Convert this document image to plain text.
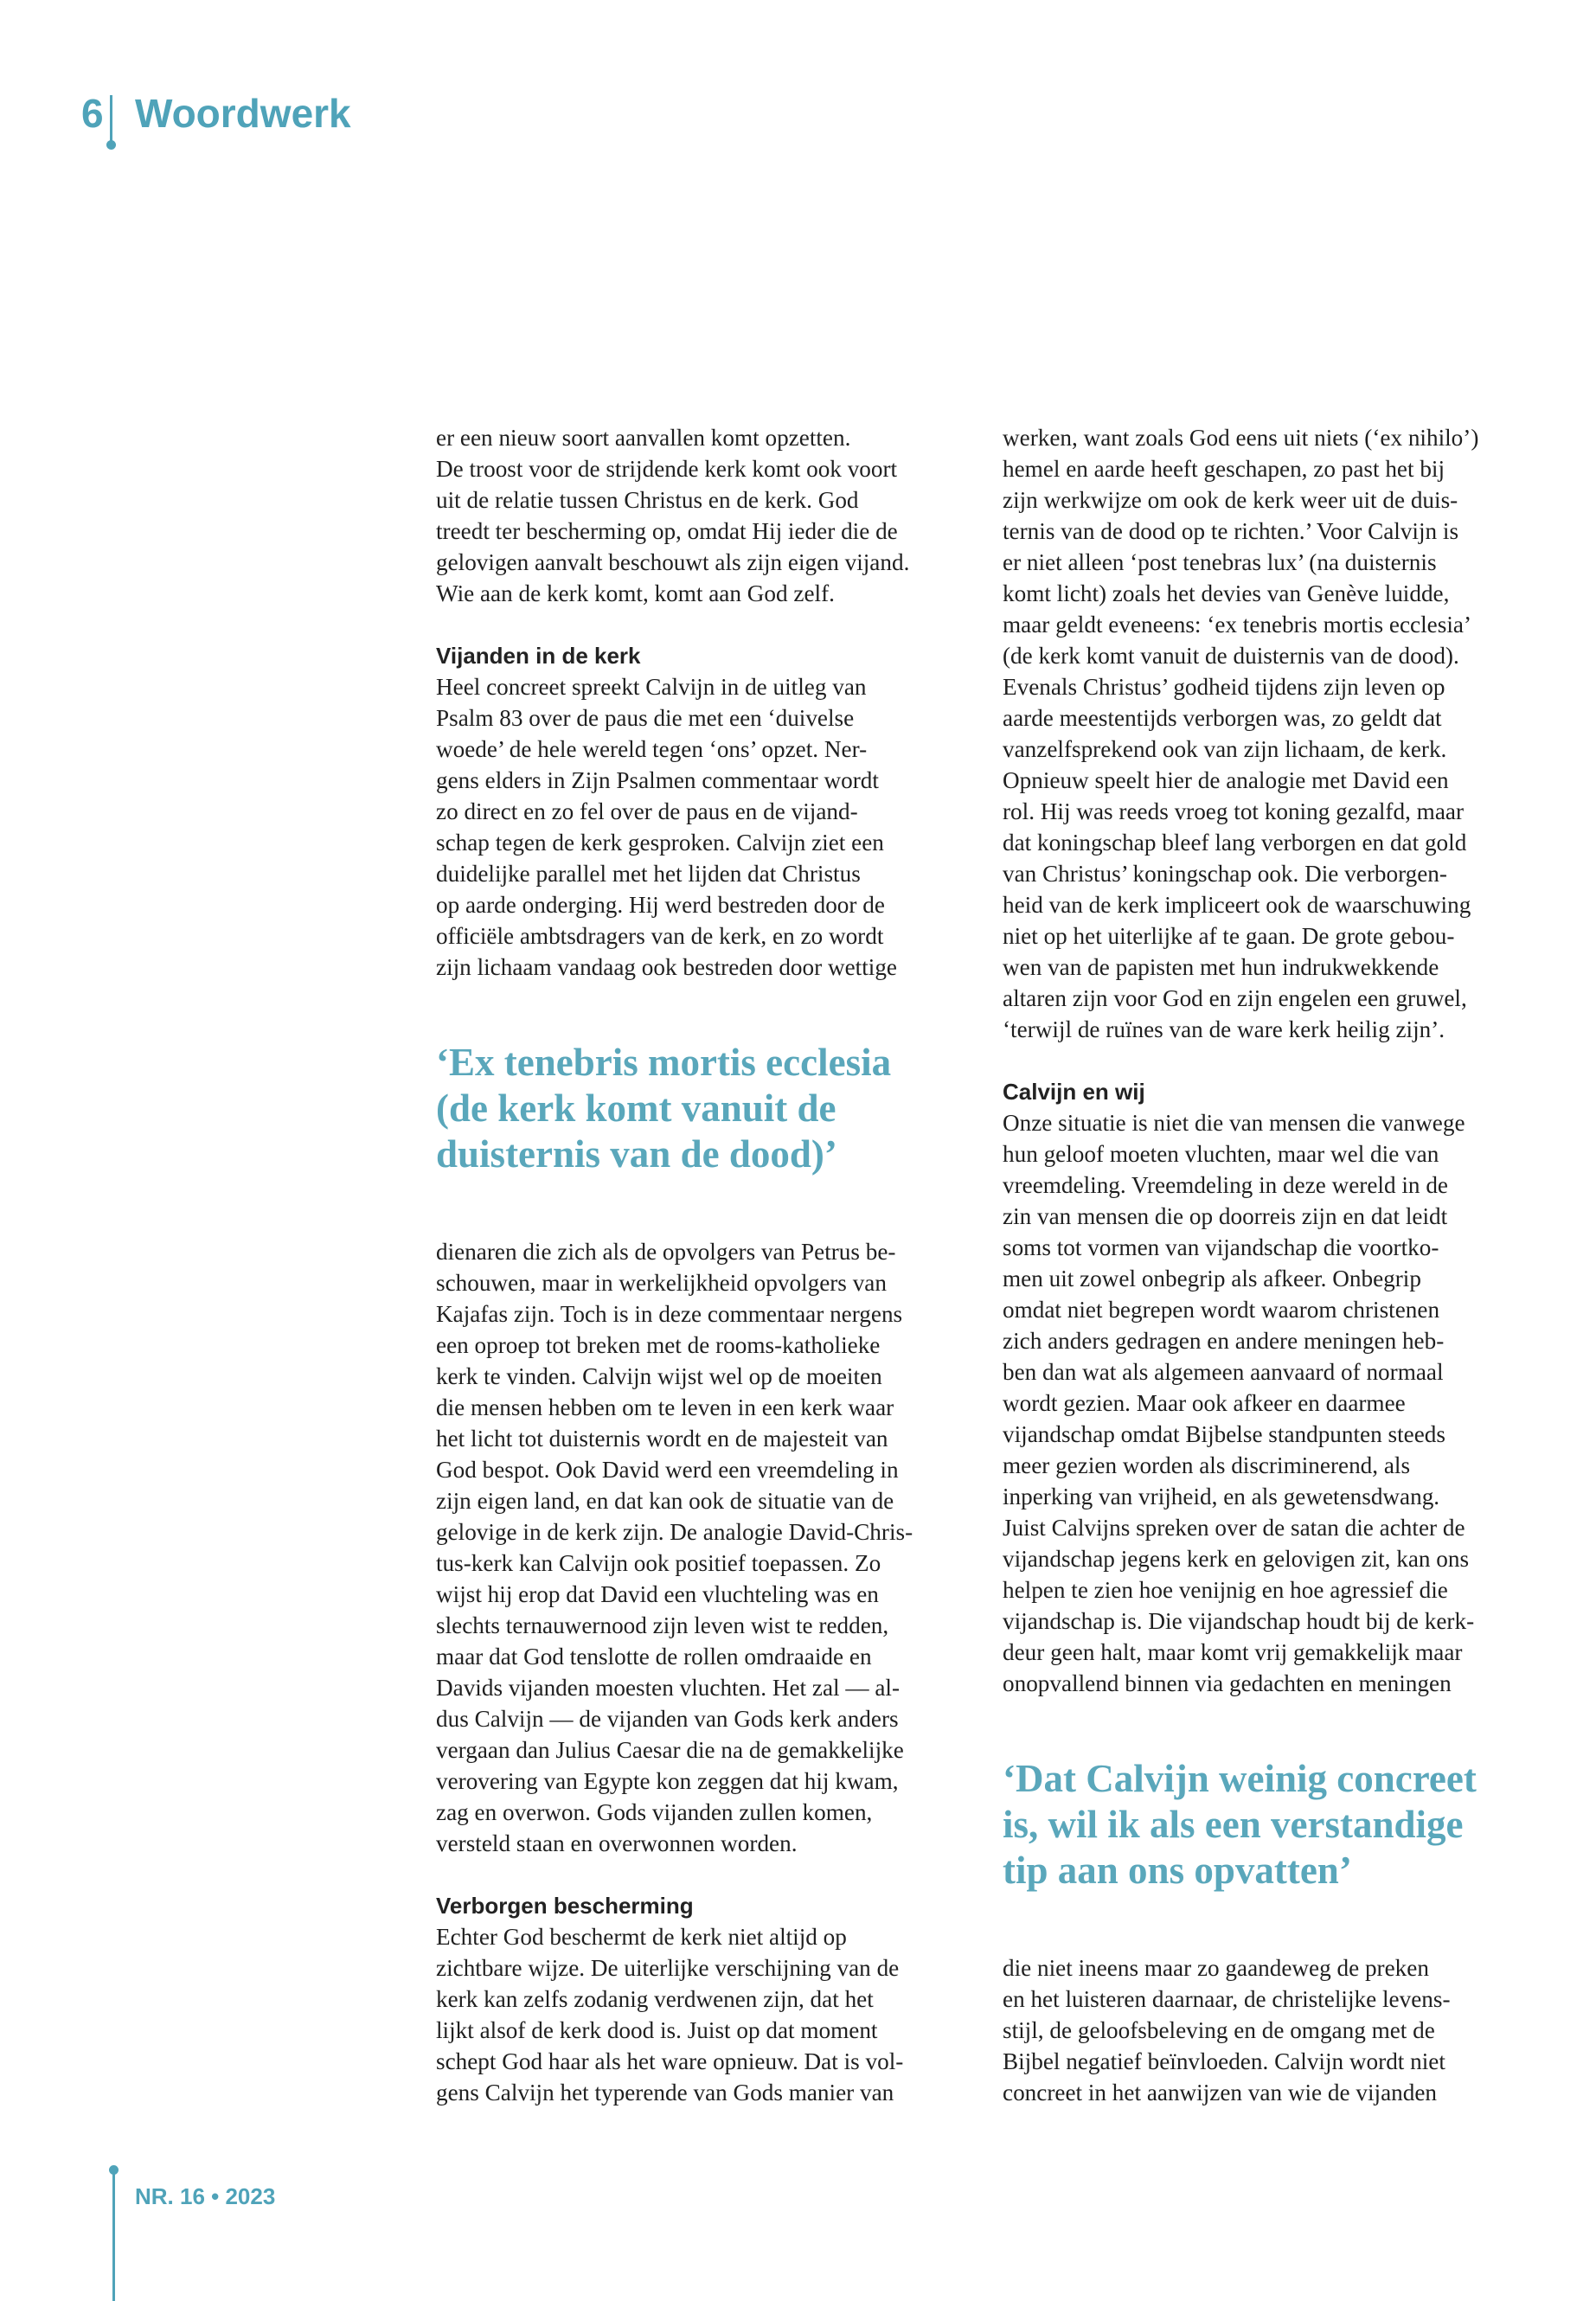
6 Woordwerk

er een nieuw soort aanvallen komt opzetten.
De troost voor de strijdende kerk komt ook voort
uit de relatie tussen Christus en de kerk. God
treedt ter bescherming op, omdat Hij ieder die de
gelovigen aanvalt beschouwt als zijn eigen vijand.
Wie aan de kerk komt, komt aan God zelf.

Vijanden in de kerk

Heel concreet spreekt Calvijn in de uitleg van
Psalm 83 over de paus die met een ‘duivelse
woede’ de hele wereld tegen ‘ons’ opzet. Ner-
gens elders in Zijn Psalmen commentaar wordt
zo direct en zo fel over de paus en de vijand-
schap tegen de kerk gesproken. Calvijn ziet een
duidelijke parallel met het lijden dat Christus
op aarde onderging. Hij werd bestreden door de
officiële ambtsdragers van de kerk, en zo wordt
zijn lichaam vandaag ook bestreden door wettige

‘Ex tenebris mortis ecclesia
(de kerk komt vanuit de
duisternis van de dood)’

dienaren die zich als de opvolgers van Petrus be-
schouwen, maar in werkelijkheid opvolgers van
Kajafas zijn. Toch is in deze commentaar nergens
een oproep tot breken met de rooms-katholieke
kerk te vinden. Calvijn wijst wel op de moeiten
die mensen hebben om te leven in een kerk waar
het licht tot duisternis wordt en de majesteit van
God bespot. Ook David werd een vreemdeling in
zijn eigen land, en dat kan ook de situatie van de
gelovige in de kerk zijn. De analogie David-Chris-
tus-kerk kan Calvijn ook positief toepassen. Zo
wijst hij erop dat David een vluchteling was en
slechts ternauwernood zijn leven wist te redden,
maar dat God tenslotte de rollen omdraaide en
Davids vijanden moesten vluchten. Het zal — al-
dus Calvijn — de vijanden van Gods kerk anders
vergaan dan Julius Caesar die na de gemakkelijke
verovering van Egypte kon zeggen dat hij kwam,
zag en overwon. Gods vijanden zullen komen,
versteld staan en overwonnen worden.

Verborgen bescherming

Echter God beschermt de kerk niet altijd op
zichtbare wijze. De uiterlijke verschijning van de
kerk kan zelfs zodanig verdwenen zijn, dat het
lijkt alsof de kerk dood is. Juist op dat moment
schept God haar als het ware opnieuw. Dat is vol-
gens Calvijn het typerende van Gods manier van

werken, want zoals God eens uit niets (‘ex nihilo’)
hemel en aarde heeft geschapen, zo past het bij
zijn werkwijze om ook de kerk weer uit de duis-
ternis van de dood op te richten.’ Voor Calvijn is
er niet alleen ‘post tenebras lux’ (na duisternis
komt licht) zoals het devies van Genève luidde,
maar geldt eveneens: ‘ex tenebris mortis ecclesia’
(de kerk komt vanuit de duisternis van de dood).
Evenals Christus’ godheid tijdens zijn leven op
aarde meestentijds verborgen was, zo geldt dat
vanzelfsprekend ook van zijn lichaam, de kerk.
Opnieuw speelt hier de analogie met David een
rol. Hij was reeds vroeg tot koning gezalfd, maar
dat koningschap bleef lang verborgen en dat gold
van Christus’ koningschap ook. Die verborgen-
heid van de kerk impliceert ook de waarschuwing
niet op het uiterlijke af te gaan. De grote gebou-
wen van de papisten met hun indrukwekkende
altaren zijn voor God en zijn engelen een gruwel,
‘terwijl de ruïnes van de ware kerk heilig zijn’.

Calvijn en wij

Onze situatie is niet die van mensen die vanwege
hun geloof moeten vluchten, maar wel die van
vreemdeling. Vreemdeling in deze wereld in de
zin van mensen die op doorreis zijn en dat leidt
soms tot vormen van vijandschap die voortko-
men uit zowel onbegrip als afkeer. Onbegrip
omdat niet begrepen wordt waarom christenen
zich anders gedragen en andere meningen heb-
ben dan wat als algemeen aanvaard of normaal
wordt gezien. Maar ook afkeer en daarmee
vijandschap omdat Bijbelse standpunten steeds
meer gezien worden als discriminerend, als
inperking van vrijheid, en als gewetensdwang.
Juist Calvijns spreken over de satan die achter de
vijandschap jegens kerk en gelovigen zit, kan ons
helpen te zien hoe venijnig en hoe agressief die
vijandschap is. Die vijandschap houdt bij de kerk-
deur geen halt, maar komt vrij gemakkelijk maar
onopvallend binnen via gedachten en meningen

‘Dat Calvijn weinig concreet
is, wil ik als een verstandige
tip aan ons opvatten’

die niet ineens maar zo gaandeweg de preken
en het luisteren daarnaar, de christelijke levens-
stijl, de geloofsbeleving en de omgang met de
Bijbel negatief beïnvloeden. Calvijn wordt niet
concreet in het aanwijzen van wie de vijanden

NR. 16 • 2023
